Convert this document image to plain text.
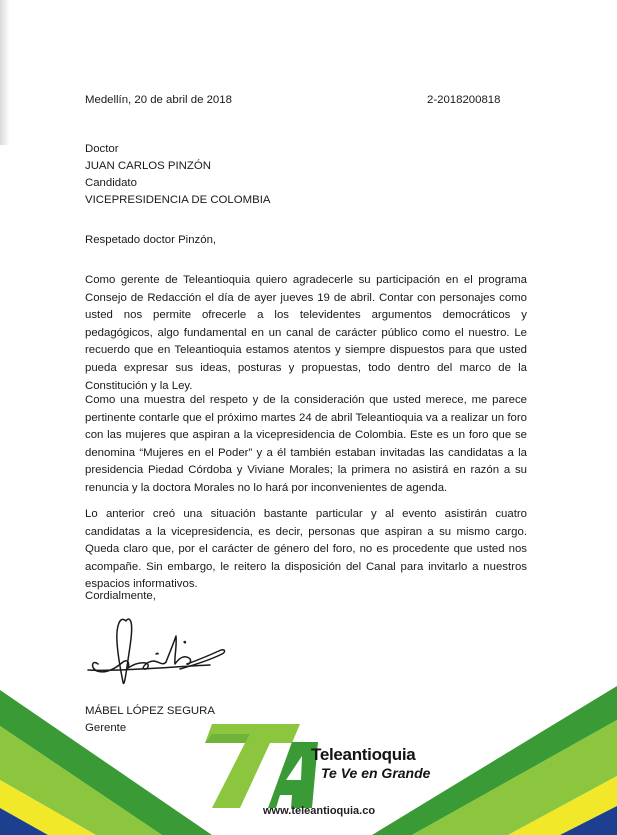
Medellín, 20 de abril de 2018	2-2018200818
Doctor
JUAN CARLOS PINZÓN
Candidato
VICEPRESIDENCIA DE COLOMBIA
Respetado doctor Pinzón,
Como gerente de Teleantioquia quiero agradecerle su participación en el programa Consejo de Redacción el día de ayer jueves 19 de abril. Contar con personajes como usted nos permite ofrecerle a los televidentes argumentos democráticos y pedagógicos, algo fundamental en un canal de carácter público como el nuestro. Le recuerdo que en Teleantioquia estamos atentos y siempre dispuestos para que usted pueda expresar sus ideas, posturas y propuestas, todo dentro del marco de la Constitución y la Ley.
Como una muestra del respeto y de la consideración que usted merece, me parece pertinente contarle que el próximo martes 24 de abril Teleantioquia va a realizar un foro con las mujeres que aspiran a la vicepresidencia de Colombia. Este es un foro que se denomina “Mujeres en el Poder” y a él también estaban invitadas las candidatas a la presidencia Piedad Córdoba y Viviane Morales; la primera no asistirá en razón a su renuncia y la doctora Morales no lo hará por inconvenientes de agenda.
Lo anterior creó una situación bastante particular y al evento asistirán cuatro candidatas a la vicepresidencia, es decir, personas que aspiran a su mismo cargo. Queda claro que, por el carácter de género del foro, no es procedente que usted nos acompañe. Sin embargo, le reitero la disposición del Canal para invitarlo a nuestros espacios informativos.
Cordialmente,
MÁBEL LÓPEZ SEGURA
Gerente
Teleantioquia
Te Ve en Grande
www.teleantioquia.co
